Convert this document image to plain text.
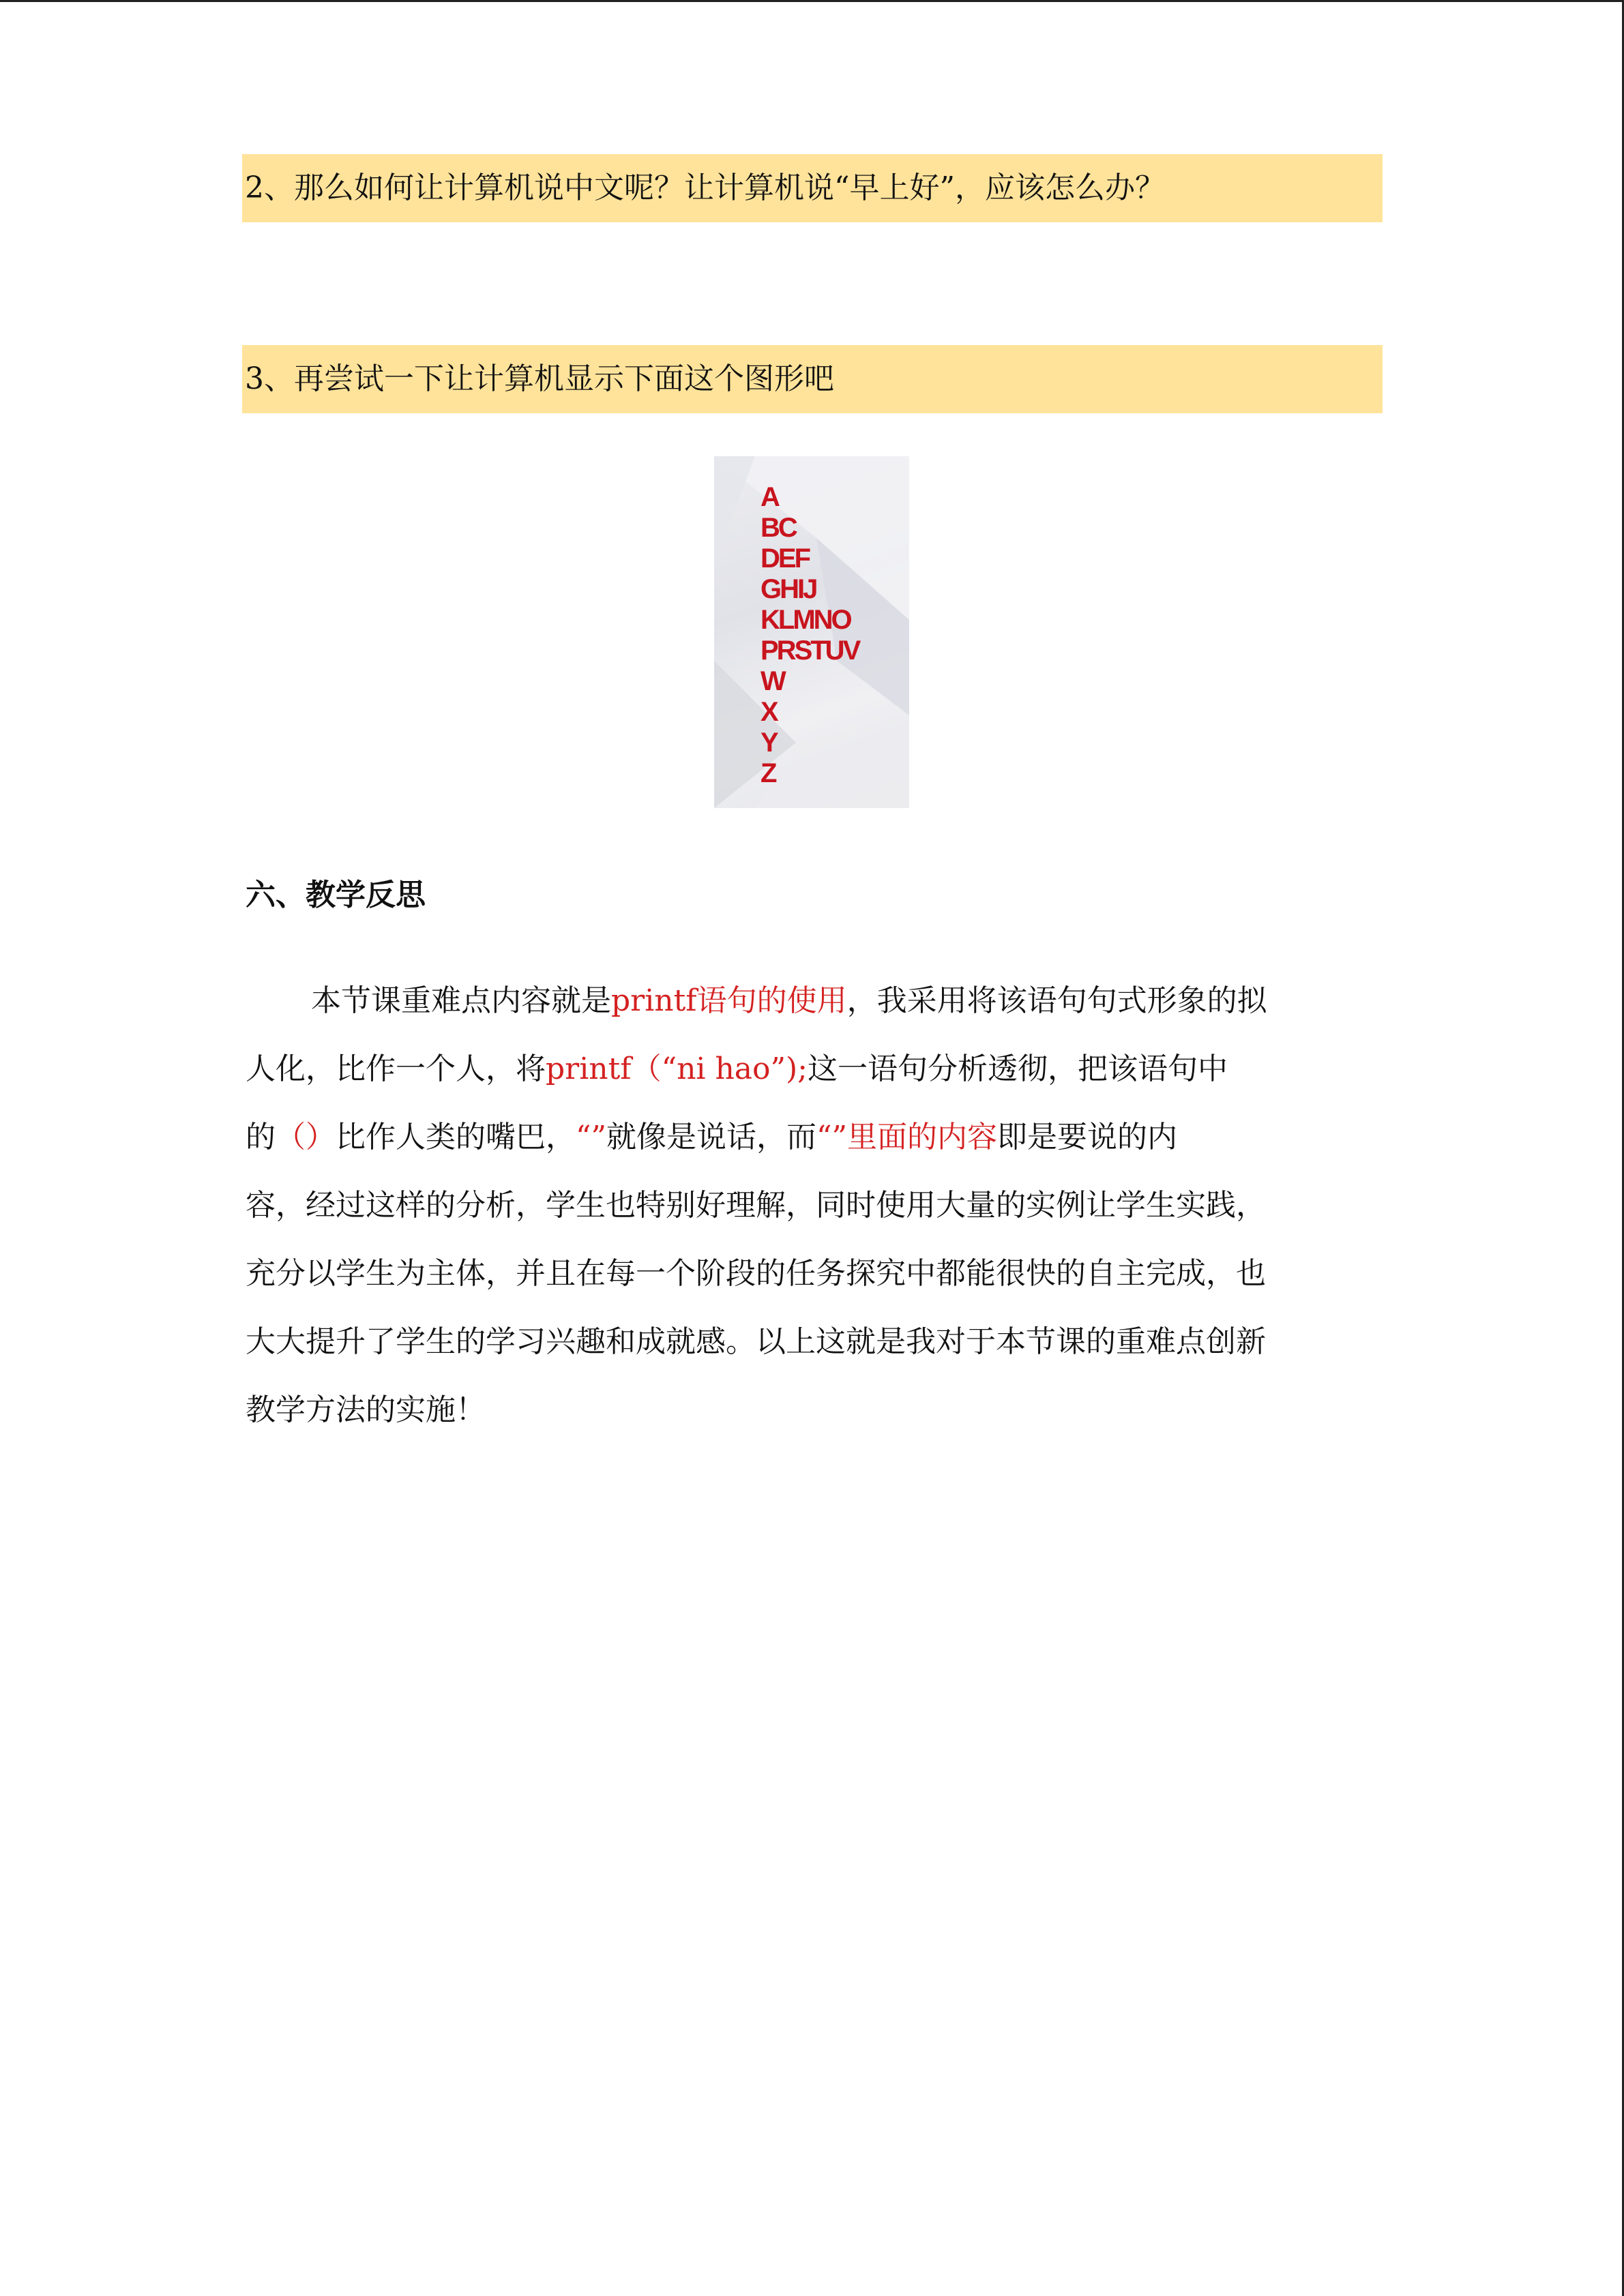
2、那么如何让计算机说中文呢？让计算机说“早上好”，应该怎么办？
3、再尝试一下让计算机显示下面这个图形吧
A
BC
DEF
GHIJ
KLMNO
PRSTUV
W
X
Y
Z
六、教学反思
本节课重难点内容就是printf语句的使用，我采用将该语句句式形象的拟
人化，比作一个人，将printf（“ni hao”);这一语句分析透彻，把该语句中
的（）比作人类的嘴巴，“”就像是说话，而“”里面的内容即是要说的内
容，经过这样的分析，学生也特别好理解，同时使用大量的实例让学生实践，
充分以学生为主体，并且在每一个阶段的任务探究中都能很快的自主完成，也
大大提升了学生的学习兴趣和成就感。以上这就是我对于本节课的重难点创新
教学方法的实施！
